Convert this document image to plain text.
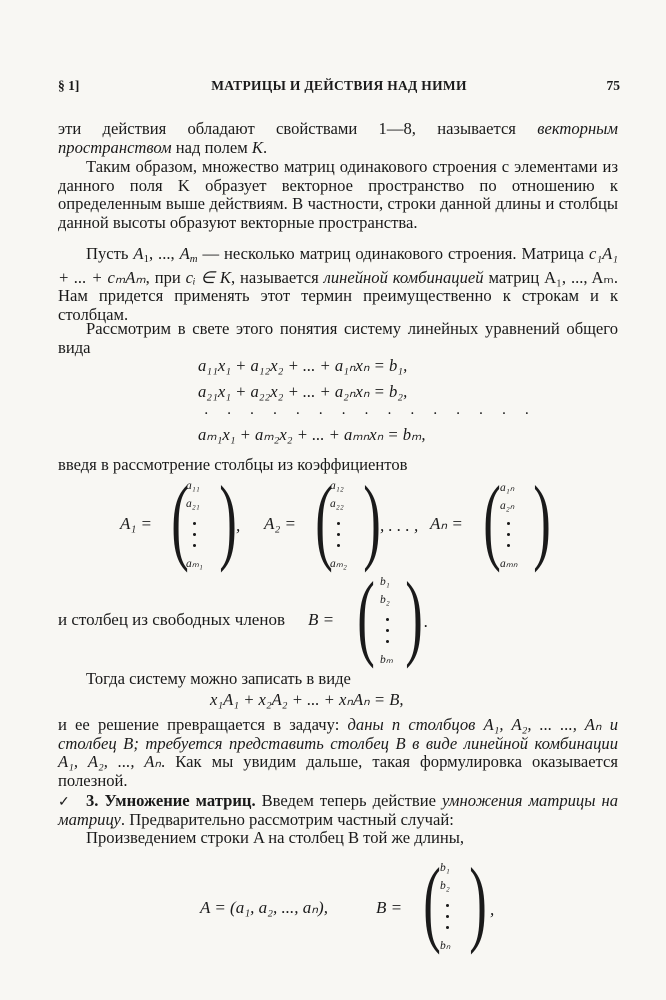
§ 1]	МАТРИЦЫ И ДЕЙСТВИЯ НАД НИМИ	75
эти действия обладают свойствами 1—8, называется векторным пространством над полем K.
Таким образом, множество матриц одинакового строения с элементами из данного поля K образует векторное пространство по отношению к определенным выше действиям. В частности, строки данной длины и столбцы данной высоты образуют векторные пространства.
Пусть $A_1$, ..., $A_m$ — несколько матриц одинакового строения. Матрица c₁A₁ + ... + cₘAₘ, при cᵢ ∈ K, называется линейной комбинацией матриц A₁, ..., Aₘ. Нам придется применять этот термин преимущественно к строкам и к столбцам.
Рассмотрим в свете этого понятия систему линейных уравнений общего вида
a₁₁x₁ + a₁₂x₂ + ... + a₁ₙxₙ = b₁,
a₂₁x₁ + a₂₂x₂ + ... + a₂ₙxₙ = b₂,
. . . . . . . . . . . . . . .
aₘ₁x₁ + aₘ₂x₂ + ... + aₘₙxₙ = bₘ,
введя в рассмотрение столбцы из коэффициентов
A₁ = (
a₁₁
a₂₁
aₘ₁ ) , A₂ = (
a₁₂
a₂₂
aₘ₂ ) , . . . , Aₙ = ( a₁ₙ
a₂ₙ
aₘₙ )
и столбец из свободных членов B = ( b₁
b₂
bₘ ) .
Тогда систему можно записать в виде
x₁A₁ + x₂A₂ + ... + xₙAₙ = B,
и ее решение превращается в задачу: даны n столбцов A₁, A₂, ... ..., Aₙ и столбец B; требуется представить столбец B в виде линейной комбинации A₁, A₂, ..., Aₙ. Как мы увидим дальше, такая формулировка оказывается полезной.
✓ 3. Умножение матриц. Введем теперь действие умножения матрицы на матрицу. Предварительно рассмотрим частный случай:
Произведением строки A на столбец B той же длины,
A = (a₁, a₂, ..., aₙ),	B = ( b₁
b₂
bₙ ) ,
